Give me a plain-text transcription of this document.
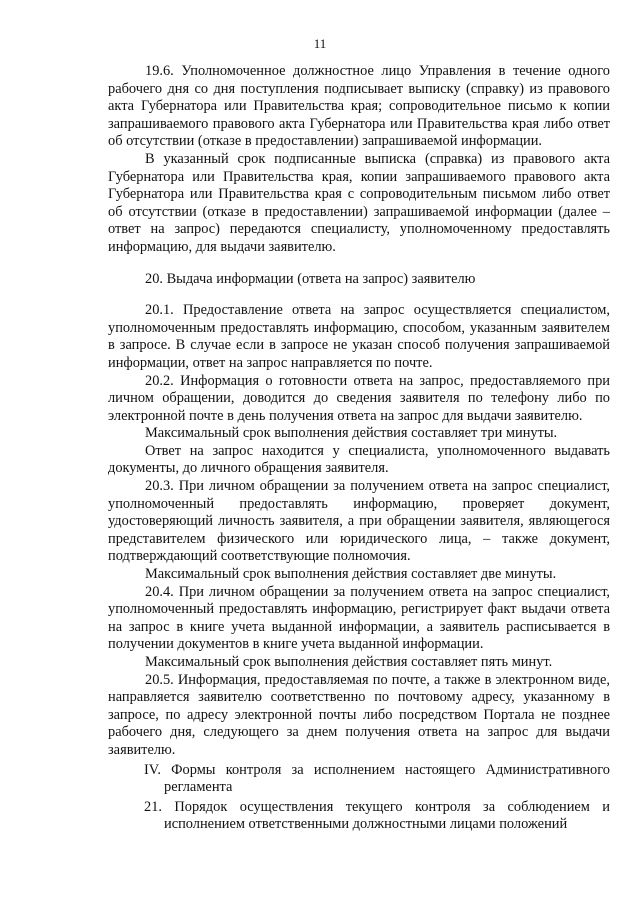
11

19.6. Уполномоченное должностное лицо Управления в течение одного рабочего дня со дня поступления подписывает выписку (справку) из правового акта Губернатора или Правительства края; сопроводительное письмо к копии запрашиваемого правового акта Губернатора или Правительства края либо ответ об отсутствии (отказе в предоставлении) запрашиваемой информации.

В указанный срок подписанные выписка (справка) из правового акта Губернатора или Правительства края, копии запрашиваемого правового акта Губернатора или Правительства края с сопроводительным письмом либо ответ об отсутствии (отказе в предоставлении) запрашиваемой информации (далее – ответ на запрос) передаются специалисту, уполномоченному предоставлять информацию, для выдачи заявителю.

20. Выдача информации (ответа на запрос) заявителю

20.1. Предоставление ответа на запрос осуществляется специалистом, уполномоченным предоставлять информацию, способом, указанным заявителем в запросе. В случае если в запросе не указан способ получения запрашиваемой информации, ответ на запрос направляется по почте.

20.2. Информация о готовности ответа на запрос, предоставляемого при личном обращении, доводится до сведения заявителя по телефону либо по электронной почте в день получения ответа на запрос для выдачи заявителю.

Максимальный срок выполнения действия составляет три минуты.

Ответ на запрос находится у специалиста, уполномоченного выдавать документы, до личного обращения заявителя.

20.3. При личном обращении за получением ответа на запрос специалист, уполномоченный предоставлять информацию, проверяет документ, удостоверяющий личность заявителя, а при обращении заявителя, являющегося представителем физического или юридического лица, – также документ, подтверждающий соответствующие полномочия.

Максимальный срок выполнения действия составляет две минуты.

20.4. При личном обращении за получением ответа на запрос специалист, уполномоченный предоставлять информацию, регистрирует факт выдачи ответа на запрос в книге учета выданной информации, а заявитель расписывается в получении документов в книге учета выданной информации.

Максимальный срок выполнения действия составляет пять минут.

20.5. Информация, предоставляемая по почте, а также в электронном виде, направляется заявителю соответственно по почтовому адресу, указанному в запросе, по адресу электронной почты либо посредством Портала не позднее рабочего дня, следующего за днем получения ответа на запрос для выдачи заявителю.

IV. Формы контроля за исполнением настоящего Административного регламента

21. Порядок осуществления текущего контроля за соблюдением и исполнением ответственными должностными лицами положений
